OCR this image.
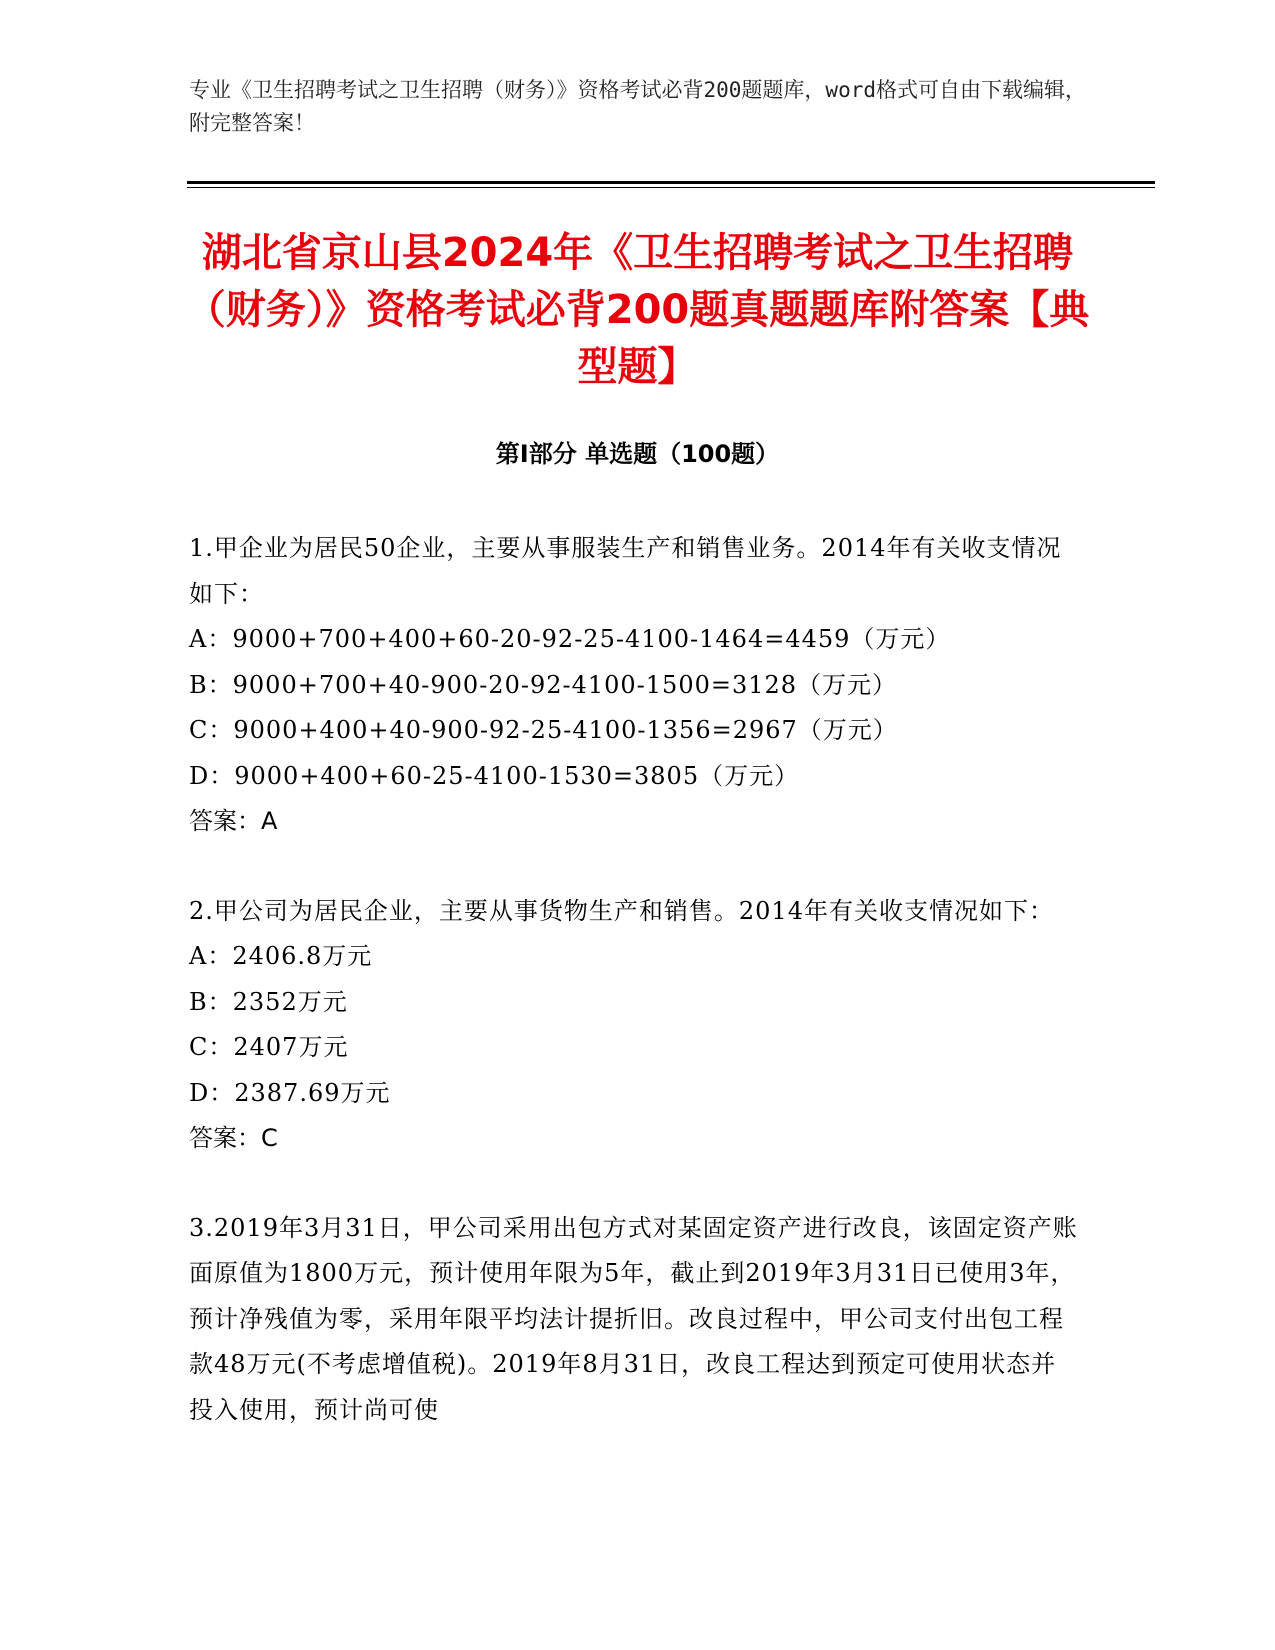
专业《卫生招聘考试之卫生招聘（财务）》资格考试必背200题题库，word格式可自由下载编辑，附完整答案！
湖北省京山县2024年《卫生招聘考试之卫生招聘（财务）》资格考试必背200题真题题库附答案【典型题】
第I部分 单选题（100题）
1.甲企业为居民50企业，主要从事服装生产和销售业务。2014年有关收支情况如下：
A：9000+700+400+60-20-92-25-4100-1464=4459（万元）
B：9000+700+40-900-20-92-4100-1500=3128（万元）
C：9000+400+40-900-92-25-4100-1356=2967（万元）
D：9000+400+60-25-4100-1530=3805（万元）
答案：A
2.甲公司为居民企业，主要从事货物生产和销售。2014年有关收支情况如下：
A：2406.8万元
B：2352万元
C：2407万元
D：2387.69万元
答案：C
3.2019年3月31日，甲公司采用出包方式对某固定资产进行改良，该固定资产账面原值为1800万元，预计使用年限为5年，截止到2019年3月31日已使用3年，预计净残值为零，采用年限平均法计提折旧。改良过程中，甲公司支付出包工程款48万元(不考虑增值税)。2019年8月31日，改良工程达到预定可使用状态并投入使用，预计尚可使
